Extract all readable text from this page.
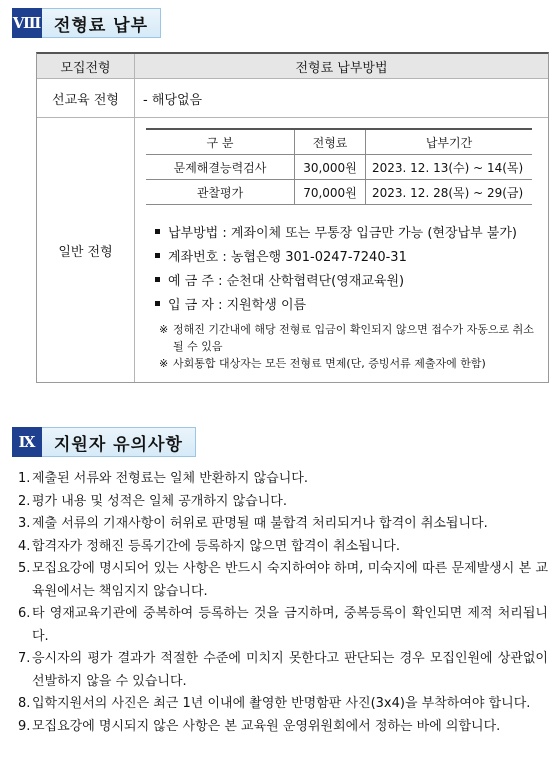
Ⅷ 전형료 납부
모집전형	전형료 납부방법
선교육 전형	- 해당없음
일반 전형
구 분	전형료	납부기간
문제해결능력검사	30,000원	2023. 12. 13(수) ~ 14(목)
관찰평가	70,000원	2023. 12. 28(목) ~ 29(금)
납부방법 : 계좌이체 또는 무통장 입금만 가능 (현장납부 불가)
계좌번호 : 농협은행 301-0247-7240-31
예 금 주 : 순천대 산학협력단(영재교육원)
입 금 자 : 지원학생 이름
※ 정해진 기간내에 해당 전형료 입금이 확인되지 않으면 접수가 자동으로 취소될 수 있음
※ 사회통합 대상자는 모든 전형료 면제(단, 증빙서류 제출자에 한함)
Ⅸ	지원자 유의사항
1. 제출된 서류와 전형료는 일체 반환하지 않습니다.
2. 평가 내용 및 성적은 일체 공개하지 않습니다.
3. 제출 서류의 기재사항이 허위로 판명될 때 불합격 처리되거나 합격이 취소됩니다.
4. 합격자가 정해진 등록기간에 등록하지 않으면 합격이 취소됩니다.
5. 모집요강에 명시되어 있는 사항은 반드시 숙지하여야 하며, 미숙지에 따른 문제발생시 본 교육원에서는 책임지지 않습니다.
6. 타 영재교육기관에 중복하여 등록하는 것을 금지하며, 중복등록이 확인되면 제적 처리됩니다.
7. 응시자의 평가 결과가 적절한 수준에 미치지 못한다고 판단되는 경우 모집인원에 상관없이 선발하지 않을 수 있습니다.
8. 입학지원서의 사진은 최근 1년 이내에 촬영한 반명함판 사진(3x4)을 부착하여야 합니다.
9. 모집요강에 명시되지 않은 사항은 본 교육원 운영위원회에서 정하는 바에 의합니다.
